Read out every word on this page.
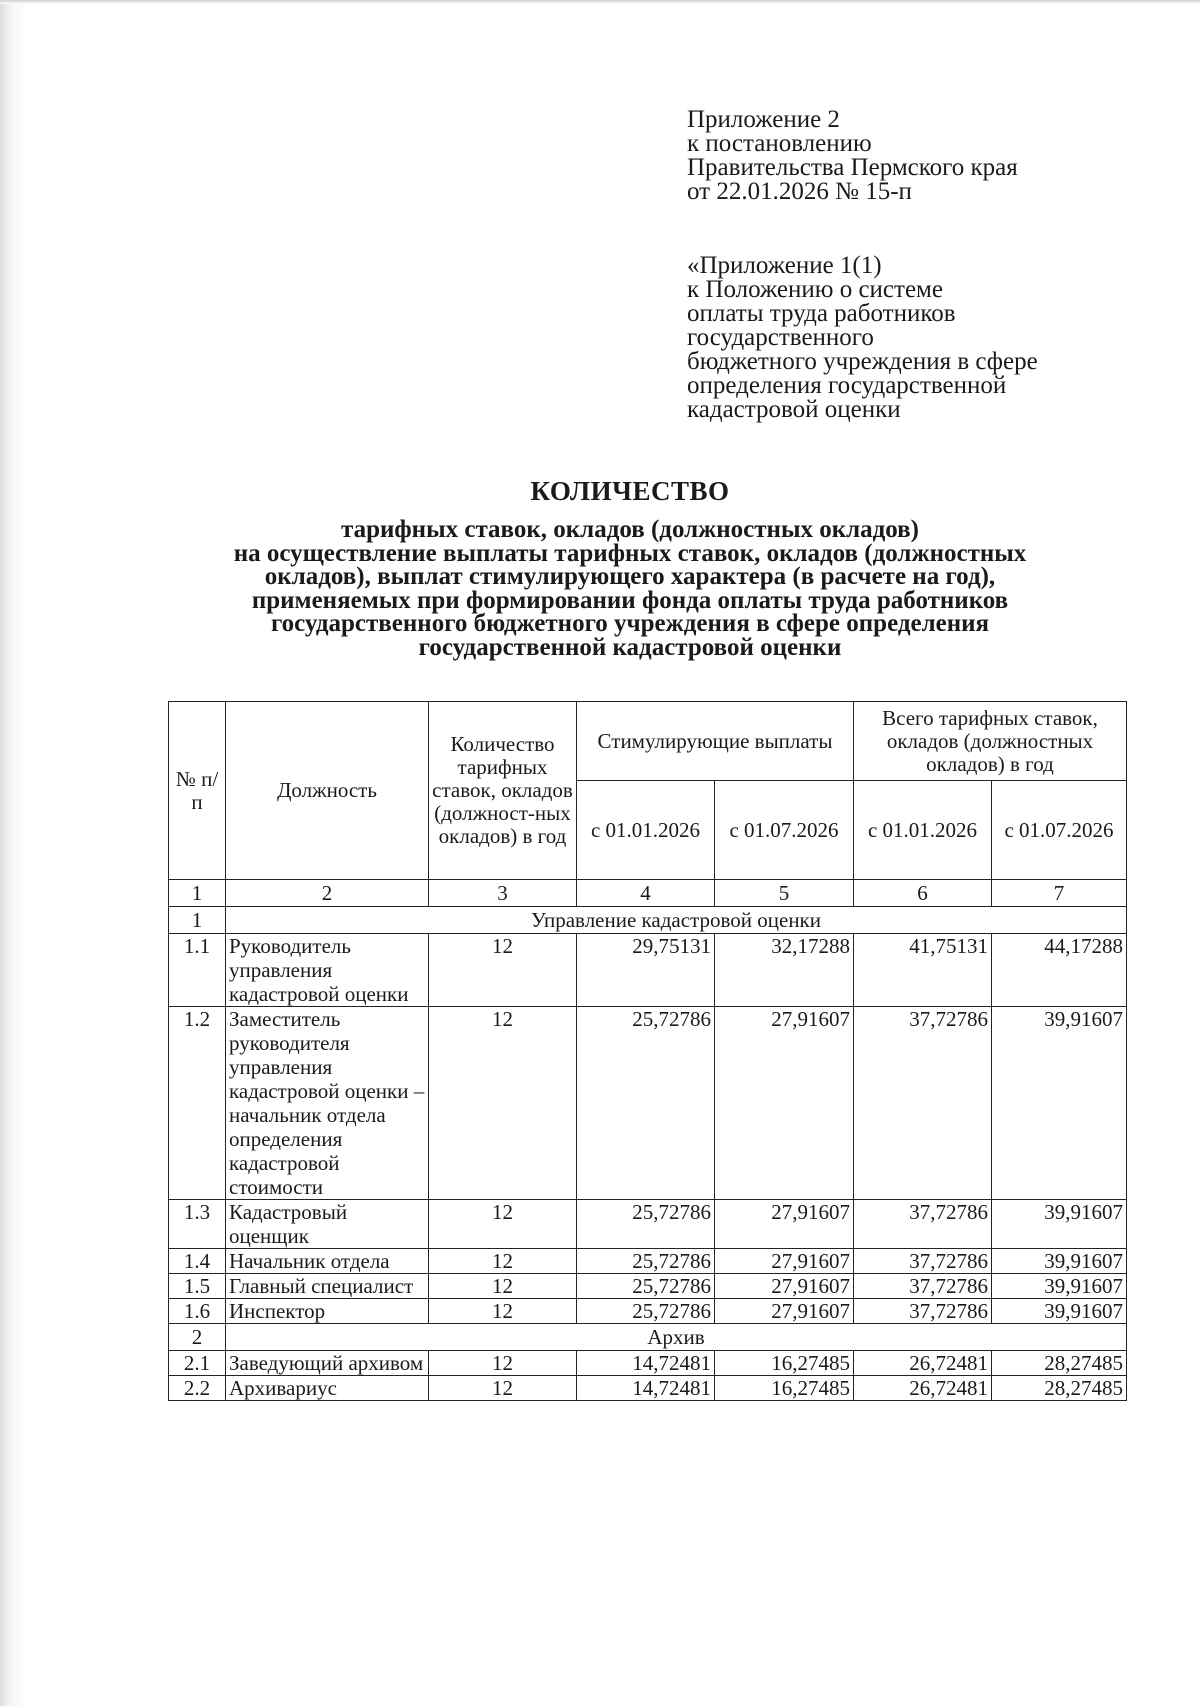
Приложение 2
к постановлению
Правительства Пермского края
от 22.01.2026 № 15-п
«Приложение 1(1)
к Положению о системе
оплаты труда работников
государственного
бюджетного учреждения в сфере
определения государственной
кадастровой оценки
КОЛИЧЕСТВО
тарифных ставок, окладов (должностных окладов)
на осуществление выплаты тарифных ставок, окладов (должностных
окладов), выплат стимулирующего характера (в расчете на год),
применяемых при формировании фонда оплаты труда работников
государственного бюджетного учреждения в сфере определения
государственной кадастровой оценки
№ п/п	Должность	Количество тарифных ставок, окладов (должност-ных окладов) в год	Стимулирующие выплаты		Всего тарифных ставок, окладов (должностных окладов) в год	
			с 01.01.2026	с 01.07.2026	с 01.01.2026	с 01.07.2026
1	2	3	4	5	6	7
1	Управление кадастровой оценки					
1.1	Руководитель управления кадастровой оценки	12	29,75131	32,17288	41,75131	44,17288
1.2	Заместитель руководителя управления кадастровой оценки – начальник отдела определения кадастровой стоимости	12	25,72786	27,91607	37,72786	39,91607
1.3	Кадастровый оценщик	12	25,72786	27,91607	37,72786	39,91607
1.4	Начальник отдела	12	25,72786	27,91607	37,72786	39,91607
1.5	Главный специалист	12	25,72786	27,91607	37,72786	39,91607
1.6	Инспектор	12	25,72786	27,91607	37,72786	39,91607
2	Архив					
2.1	Заведующий архивом	12	14,72481	16,27485	26,72481	28,27485
2.2	Архивариус	12	14,72481	16,27485	26,72481	28,27485
